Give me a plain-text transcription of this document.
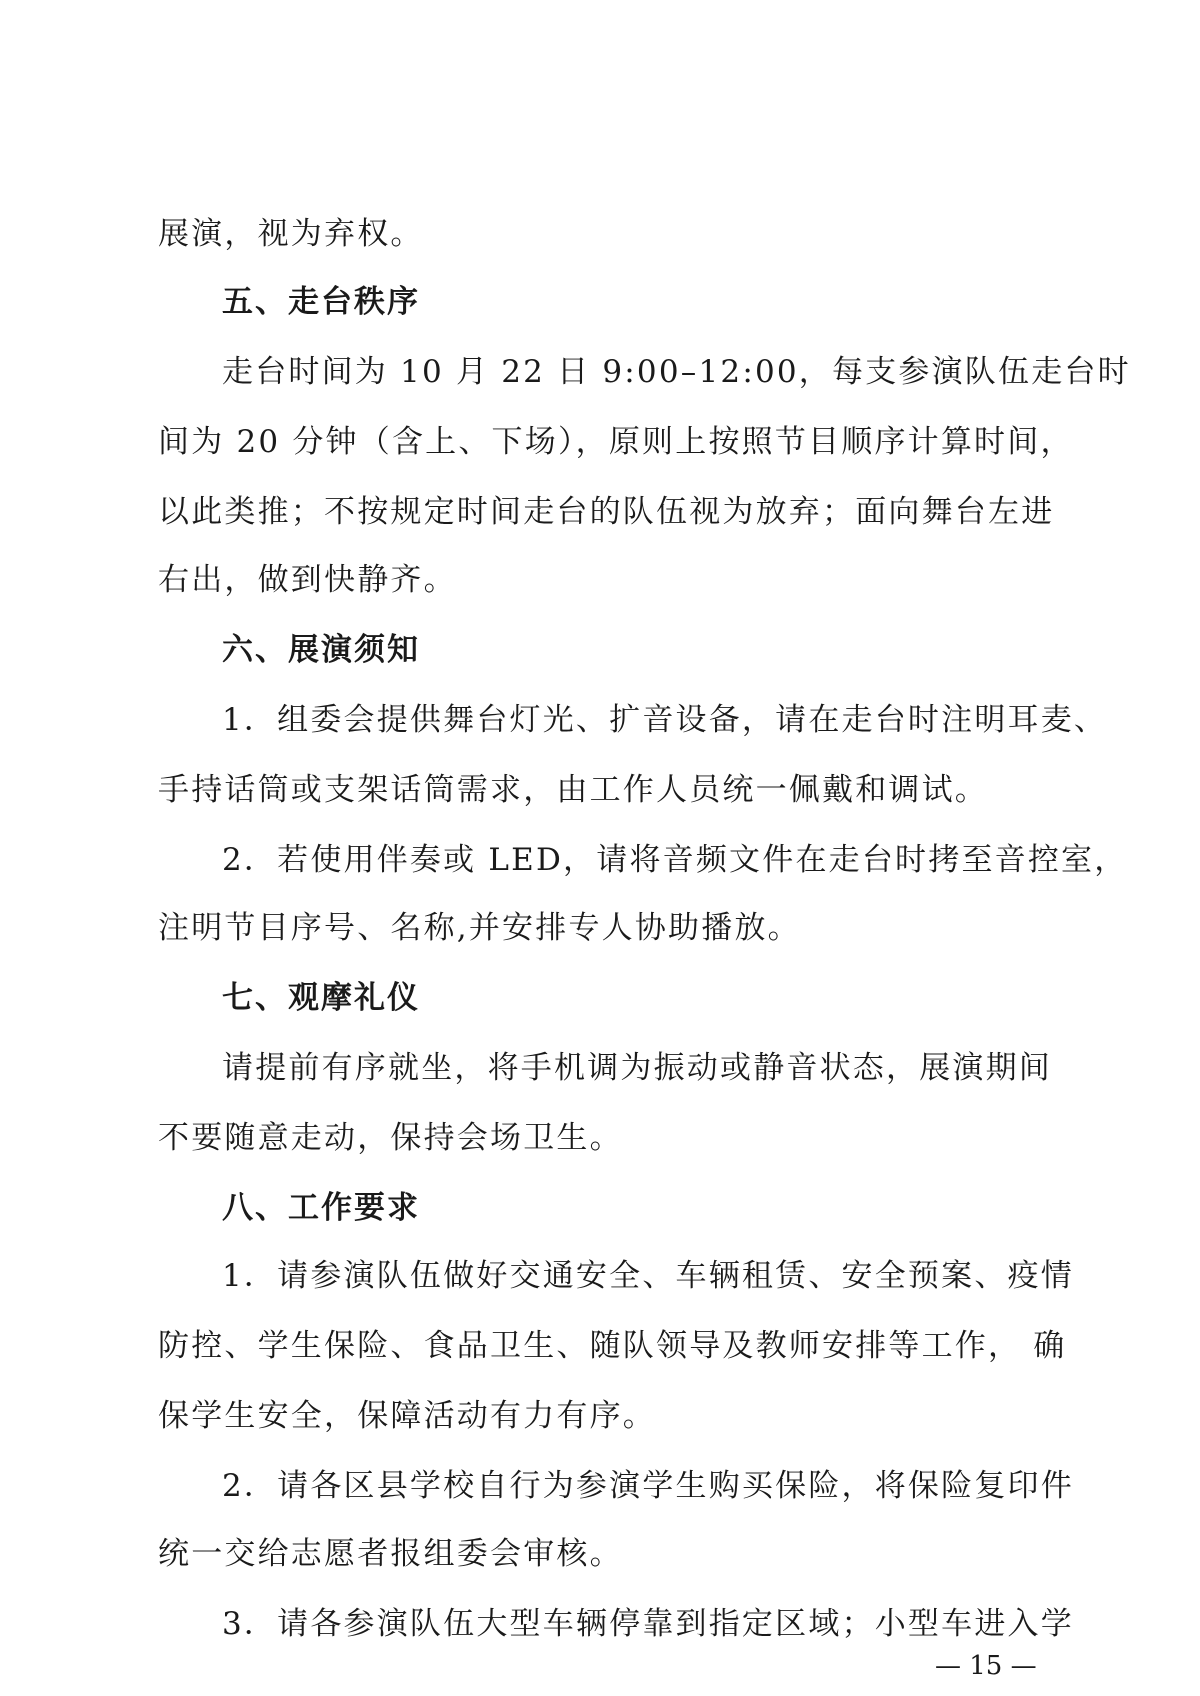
展演，视为弃权。
五、走台秩序
走台时间为 10 月 22 日 9:00–12:00，每支参演队伍走台时
间为 20 分钟（含上、下场），原则上按照节目顺序计算时间，
以此类推；不按规定时间走台的队伍视为放弃；面向舞台左进
右出，做到快静齐。
六、展演须知
1．组委会提供舞台灯光、扩音设备，请在走台时注明耳麦、
手持话筒或支架话筒需求，由工作人员统一佩戴和调试。
2．若使用伴奏或 LED，请将音频文件在走台时拷至音控室，
注明节目序号、名称,并安排专人协助播放。
七、观摩礼仪
请提前有序就坐，将手机调为振动或静音状态，展演期间
不要随意走动，保持会场卫生。
八、工作要求
1．请参演队伍做好交通安全、车辆租赁、安全预案、疫情
防控、学生保险、食品卫生、随队领导及教师安排等工作， 确
保学生安全，保障活动有力有序。
2．请各区县学校自行为参演学生购买保险，将保险复印件
统一交给志愿者报组委会审核。
3．请各参演队伍大型车辆停靠到指定区域；小型车进入学
— 15 —
